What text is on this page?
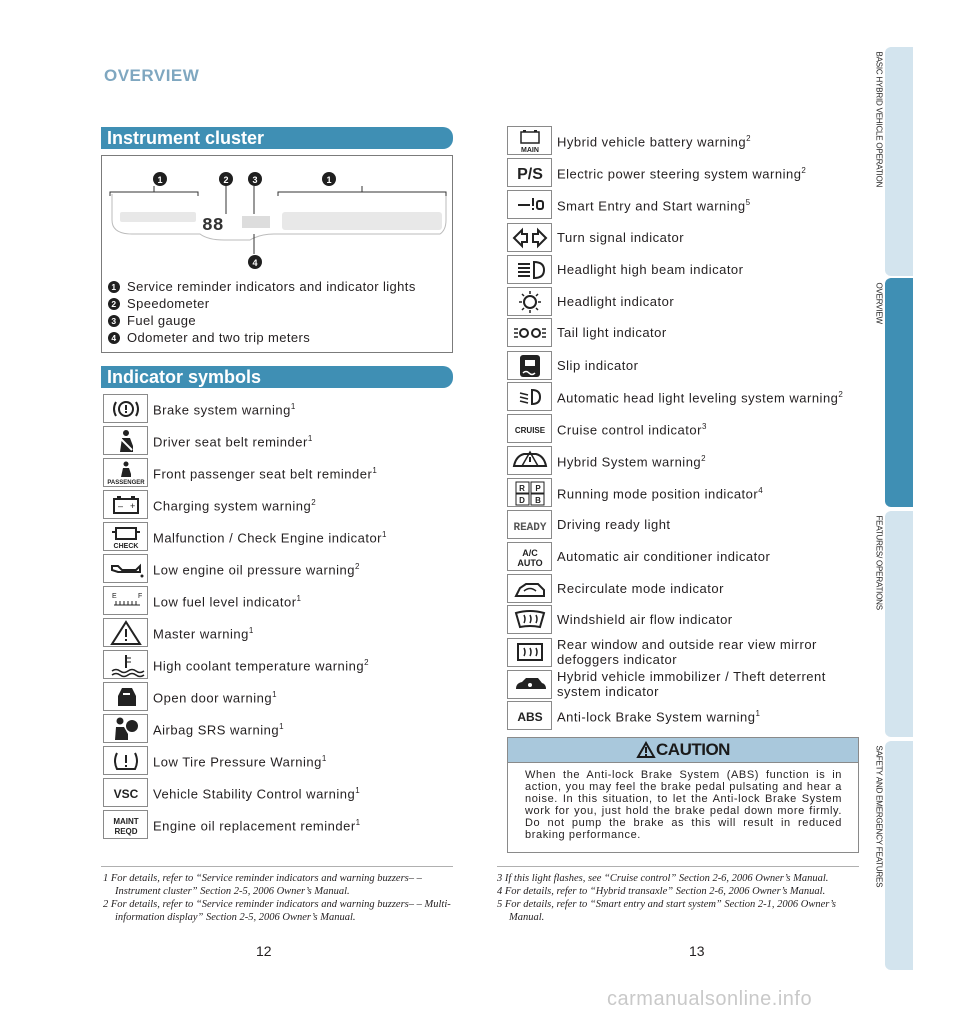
OVERVIEW
Instrument cluster
88
1	2	3	1
4
1 Service reminder indicators and indicator lights
2 Speedometer
3 Fuel gauge
4 Odometer and two trip meters
Indicator symbols
Brake system warning$^1$
Driver seat belt reminder$^1$
PASSENGER
Front passenger seat belt reminder$^1$
– + Charging system warning$^2$
CHECK
Malfunction / Check Engine indicator$^1$
Low engine oil pressure warning$^2$
E	F Low fuel level indicator$^1$
Master warning$^1$
High coolant temperature warning$^2$
Open door warning$^1$
Airbag SRS warning$^1$
Low Tire Pressure Warning$^1$
VSC Vehicle Stability Control warning$^1$
MAINT
REQD Engine oil replacement reminder$^1$
MAIN
Hybrid vehicle battery warning$^2$
P/S Electric power steering system warning$^2$
Smart Entry and Start warning$^5$
Turn signal indicator
Headlight high beam indicator
Headlight indicator
Tail light indicator
Slip indicator
Automatic head light leveling system warning$^2$
CRUISE Cruise control indicator$^3$
Hybrid System warning$^2$
R P
D B Running mode position indicator$^4$
READY Driving ready light
A/C
AUTO Automatic air conditioner indicator
Recirculate mode indicator
Windshield air flow indicator
Rear window and outside rear view mirror defoggers indicator
Hybrid vehicle immobilizer / Theft deterrent system indicator
ABS Anti-lock Brake System warning$^1$
CAUTION
When the Anti-lock Brake System (ABS) function is in action, you may feel the brake pedal pulsating and hear a noise. In this situation, to let the Anti-lock Brake System work for you, just hold the brake pedal down more firmly. Do not pump the brake as this will result in reduced braking performance.

1 For details, refer to “Service reminder indicators and warning buzzers– – Instrument cluster” Section 2-5, 2006 Owner’s Manual.

2 For details, refer to “Service reminder indicators and warning buzzers– – Multi-information display” Section 2-5, 2006 Owner’s Manual.

3 If this light flashes, see “Cruise control” Section 2-6, 2006 Owner’s Manual.

4 For details, refer to “Hybrid transaxle” Section 2-6, 2006 Owner’s Manual.

5 For details, refer to “Smart entry and start system” Section 2-1, 2006 Owner’s Manual.

12	13
BASIC HYBRID VEHICLE OPERATION
OVERVIEW
FEATURES/ OPERATIONS
SAFETY AND EMERGENCY FEATURES
carmanualsonline.info
